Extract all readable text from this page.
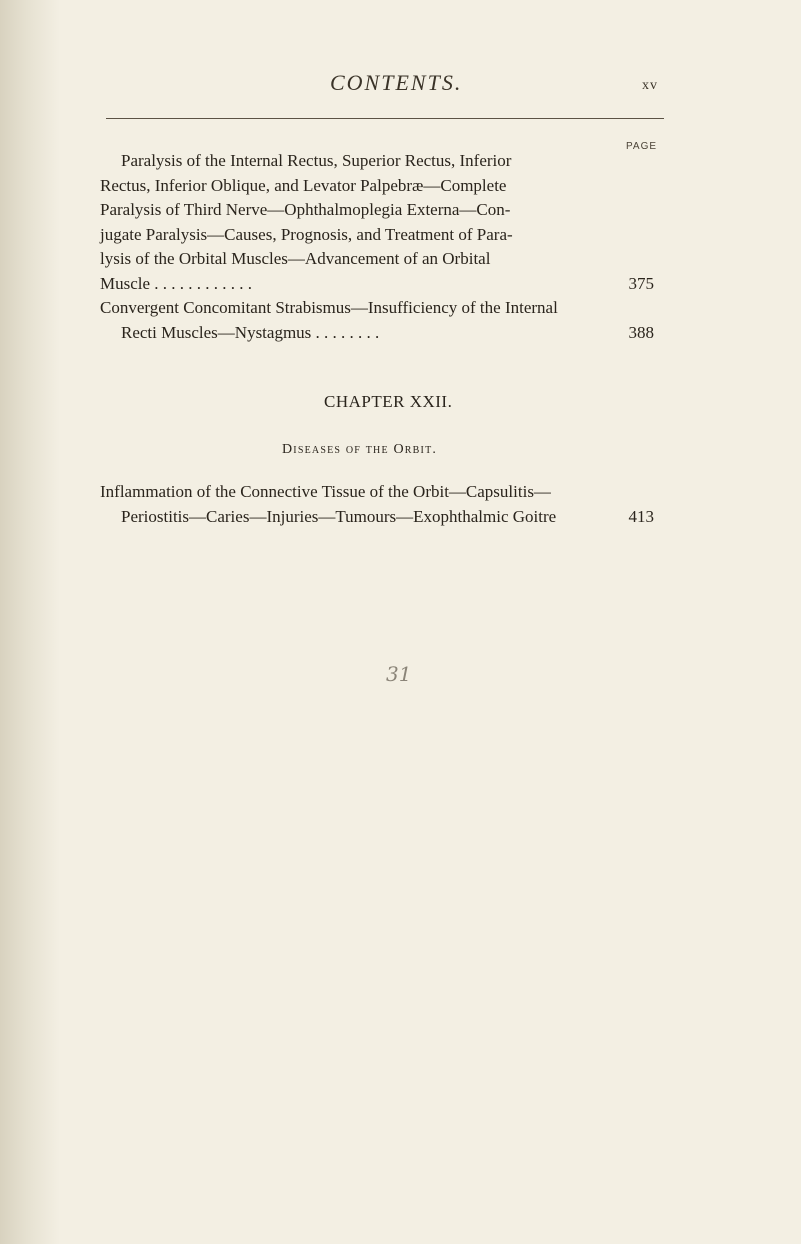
CONTENTS.	xv
PAGE
Paralysis of the Internal Rectus, Superior Rectus, Inferior
Rectus, Inferior Oblique, and Levator Palpebræ—Complete
Paralysis of Third Nerve—Ophthalmoplegia Externa—Con-
jugate Paralysis—Causes, Prognosis, and Treatment of Para-
lysis of the Orbital Muscles—Advancement of an Orbital
Muscle . . . . . . . . . . . .	375
Convergent Concomitant Strabismus—Insufficiency of the Internal
Recti Muscles—Nystagmus . . . . . . . .	388
CHAPTER XXII.
Diseases of the Orbit.
Inflammation of the Connective Tissue of the Orbit—Capsulitis—
Periostitis—Caries—Injuries—Tumours—Exophthalmic Goitre	413
31
